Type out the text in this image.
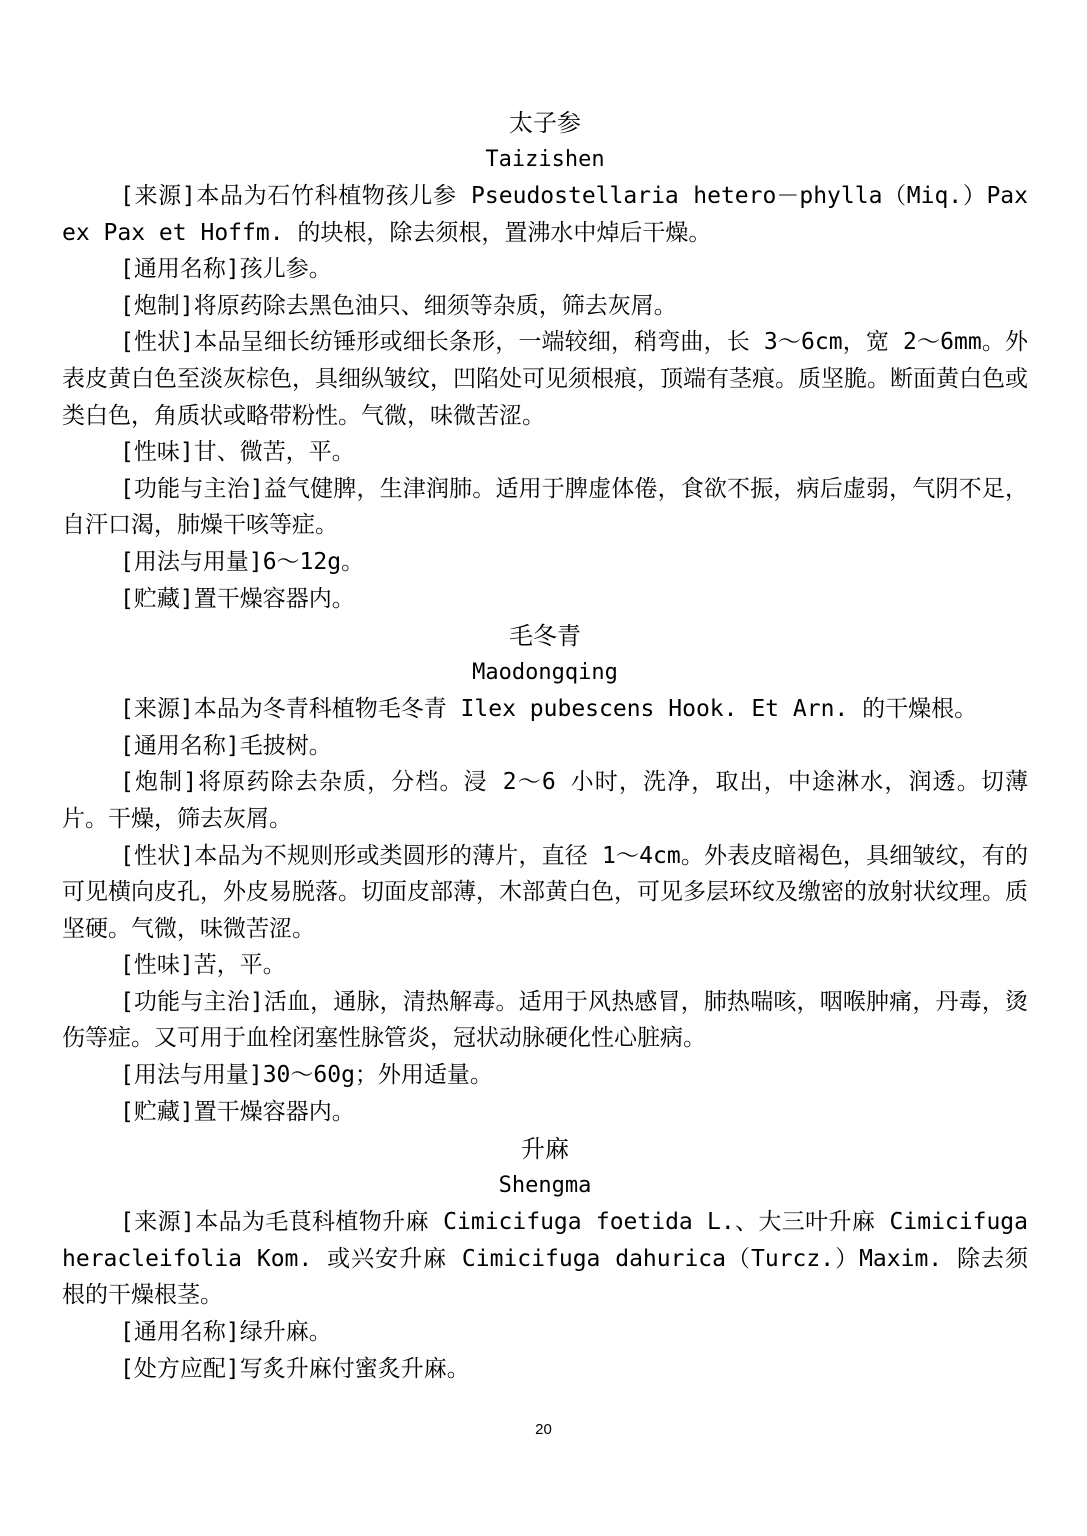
太子参
Taizishen

[来源]本品为石竹科植物孩儿参 Pseudostellaria hetero－phylla（Miq.）Pax ex Pax et Hoffm. 的块根，除去须根，置沸水中焯后干燥。

[通用名称]孩儿参。

[炮制]将原药除去黑色油只、细须等杂质，筛去灰屑。

[性状]本品呈细长纺锤形或细长条形，一端较细，稍弯曲，长 3～6cm，宽 2～6mm。外表皮黄白色至淡灰棕色，具细纵皱纹，凹陷处可见须根痕，顶端有茎痕。质坚脆。断面黄白色或类白色，角质状或略带粉性。气微，味微苦涩。

[性味]甘、微苦，平。

[功能与主治]益气健脾，生津润肺。适用于脾虚体倦，食欲不振，病后虚弱，气阴不足，自汗口渴，肺燥干咳等症。

[用法与用量]6～12g。

[贮藏]置干燥容器内。

毛冬青
Maodongqing

[来源]本品为冬青科植物毛冬青 Ilex pubescens Hook. Et Arn. 的干燥根。

[通用名称]毛披树。

[炮制]将原药除去杂质，分档。浸 2～6 小时，洗净，取出，中途淋水，润透。切薄片。干燥，筛去灰屑。

[性状]本品为不规则形或类圆形的薄片，直径 1～4cm。外表皮暗褐色，具细皱纹，有的可见横向皮孔，外皮易脱落。切面皮部薄，木部黄白色，可见多层环纹及缴密的放射状纹理。质坚硬。气微，味微苦涩。

[性味]苦，平。

[功能与主治]活血，通脉，清热解毒。适用于风热感冒，肺热喘咳，咽喉肿痛，丹毒，烫伤等症。又可用于血栓闭塞性脉管炎，冠状动脉硬化性心脏病。

[用法与用量]30～60g；外用适量。

[贮藏]置干燥容器内。

升麻
Shengma

[来源]本品为毛茛科植物升麻 Cimicifuga foetida L.、大三叶升麻 Cimicifuga heracleifolia Kom. 或兴安升麻 Cimicifuga dahurica（Turcz.）Maxim. 除去须根的干燥根茎。

[通用名称]绿升麻。

[处方应配]写炙升麻付蜜炙升麻。

20
